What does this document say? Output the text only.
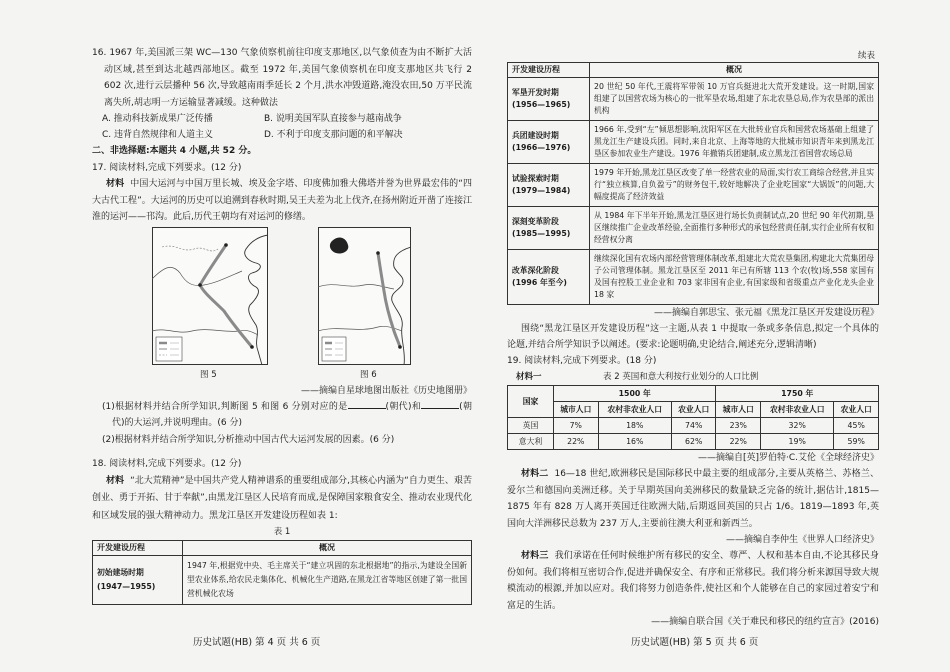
16. 1967 年,美国派三架 WC—130 气象侦察机前往印度支那地区,以气象侦查为由不断扩大活动区域,甚至到达北越西部地区。截至 1972 年,美国气象侦察机在印度支那地区共飞行 2 602 次,进行云层播种 56 次,导致越南雨季延长 2 个月,洪水冲毁道路,淹没农田,50 万平民流离失所,胡志明一方运输显著减缓。这种做法

A. 推动科技新成果广泛传播	B. 说明美国军队直接参与越南战争
C. 违背自然规律和人道主义	D. 不利于印度支那问题的和平解决

二、非选择题:本题共 4 小题,共 52 分。

17. 阅读材料,完成下列要求。(12 分)

材料 中国大运河与中国万里长城、埃及金字塔、印度佛加雅大佛塔并誉为世界最宏伟的“四大古代工程”。大运河的历史可以追溯到春秋时期,吴王夫差为北上伐齐,在扬州附近开凿了连接江淮的运河——邗沟。此后,历代王朝均有对运河的修缮。

图 5	图 6

——摘编自星球地图出版社《历史地图册》

(1)根据材料并结合所学知识,判断图 5 和图 6 分别对应的是	(朝代)和	(朝代)的大运河,并说明理由。(6 分)

(2)根据材料并结合所学知识,分析推动中国古代大运河发展的因素。(6 分)

18. 阅读材料,完成下列要求。(12 分)

材料 “北大荒精神”是中国共产党人精神谱系的重要组成部分,其核心内涵为“自力更生、艰苦创业、勇于开拓、甘于奉献”,由黑龙江垦区人民培育而成,是保障国家粮食安全、推动农业现代化和区域发展的强大精神动力。黑龙江垦区开发建设历程如表 1:

表 1

开发建设历程	概况

初始建场时期
(1947—1955)	1947 年,根据党中央、毛主席关于“建立巩固的东北根据地”的指示,为建设全国新型农业体系,给农民走集体化、机械化生产道路,在黑龙江省等地区创建了第一批国营机械化农场
历史试题(HB) 第 4 页 共 6 页

续表

开发建设历程	概况

军垦开发时期
(1956—1965)	20 世纪 50 年代,王震将军带领 10 万官兵挺进北大荒开发建设。这一时期,国家组建了以国营农场为核心的一批军垦农场,组建了东北农垦总局,作为农垦部的派出机构

兵团建设时期
(1966—1976)	1966 年,受到“左”倾思想影响,沈阳军区在大批转业官兵和国营农场基础上组建了黑龙江生产建设兵团。同时,来自北京、上海等地的大批城市知识青年来到黑龙江垦区参加农业生产建设。1976 年撤销兵团建制,成立黑龙江省国营农场总局

试验探索时期
(1979—1984)	1979 年开始,黑龙江垦区改变了单一经营农业的局面,实行农工商综合经营,并且实行“独立核算,自负盈亏”的财务包干,较好地解决了企业吃国家“大锅饭”的问题,大幅度提高了经济效益

深刻变革阶段
(1985—1995)	从 1984 年下半年开始,黑龙江垦区进行场长负责制试点,20 世纪 90 年代初期,垦区继续推广企业改革经验,全面推行多种形式的承包经营责任制,实行企业所有权和经营权分离

改革深化阶段
(1996 年至今)	继续深化国有农场内部经营管理体制改革,组建北大荒农垦集团,构建北大荒集团母子公司管理体制。黑龙江垦区至 2011 年已有所辖 113 个农(牧)场,558 家国有及国有控股工业企业和 703 家非国有企业,有国家级和省级重点产业化龙头企业 18 家

——摘编自郭思宝、张元福《黑龙江垦区开发建设历程》

围绕“黑龙江垦区开发建设历程”这一主题,从表 1 中提取一条或多条信息,拟定一个具体的论题,并结合所学知识予以阐述。(要求:论题明确,史论结合,阐述充分,逻辑清晰)

19. 阅读材料,完成下列要求。(18 分)

材料一	表 2 英国和意大利按行业划分的人口比例
国家	1500 年			1750 年		
	城市人口	农村非农业人口	农业人口	城市人口	农村非农业人口	农业人口
英国	7%	18%	74%	23%	32%	45%
意大利	22%	16%	62%	22%	19%	59%

——摘编自[英]罗伯特·C.艾伦《全球经济史》

材料二 16—18 世纪,欧洲移民是国际移民中最主要的组成部分,主要从英格兰、苏格兰、爱尔兰和德国向美洲迁移。关于早期英国向美洲移民的数量缺乏完备的统计,据估计,1815—1875 年有 828 万人离开英国迁往欧洲大陆,后期返回英国的只占 1/6。1819—1893 年,英国向大洋洲移民总数为 237 万人,主要前往澳大利亚和新西兰。

——摘编自李仲生《世界人口经济史》

材料三 我们承诺在任何时候维护所有移民的安全、尊严、人权和基本自由,不论其移民身份如何。我们将相互密切合作,促进并确保安全、有序和正常移民。我们将分析来源国导致大规模流动的根源,并加以应对。我们将努力创造条件,使社区和个人能够在自己的家园过着安宁和富足的生活。

——摘编自联合国《关于难民和移民的纽约宣言》(2016)

历史试题(HB) 第 5 页 共 6 页
